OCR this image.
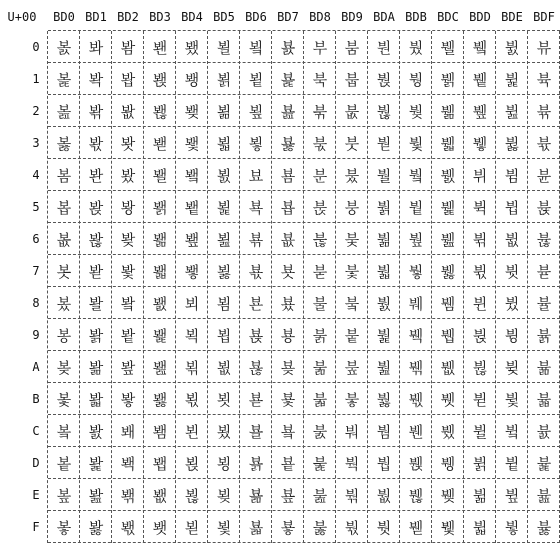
U+00	BD0 BD1 BD2 BD3 BD4 BD5 BD6 BD7 BD8 BD9 BDA BDB BDC BDD BDE BDF
0	봀	봐	봠	봰	뵀	뵐	뵠	뵰	부	붐	붠	붰	뷀	뷐	뷠	뷰
1	봁	봑	봡	봱	뵁	뵑	뵡	뵱	북	붑	붡	붱	뷁	뷑	뷡	뷱
2	봂	봒	봢	봲	뵂	뵒	뵢	뵲	붂	붒	붢	붲	뷂	뷒	뷢	뷲
3	봃	봓	봣	봳	뵃	뵓	뵣	뵳	붃	붓	붣	붳	뷃	뷓	뷣	뷳
4	봄	봔	봤	봴	뵄	뵔	뵤	뵴	분	붔	붤	붴	뷄	뷔	뷤	뷴
5	봅	봕	봥	봵	뵅	뵕	뵥	뵵	붅	붕	붥	붵	뷅	뷕	뷥	뷵
6	봆	봖	봦	봶	뵆	뵖	뵦	뵶	붆	붖	붦	붶	뷆	뷖	뷦	뷶
7	봇	봗	봧	봷	뵇	뵗	뵧	뵷	붇	붗	붧	붷	뷇	뷗	뷧	뷷
8	봈	봘	봨	봸	뵈	뵘	뵨	뵸	불	붘	붨	붸	뷈	뷘	뷨	뷸
9	봉	봙	봩	봹	뵉	뵙	뵩	뵹	붉	붙	붩	붹	뷉	뷙	뷩	뷹
A	봊	봚	봪	봺	뵊	뵚	뵪	뵺	붊	붚	붪	붺	뷊	뷚	뷪	뷺
B	봋	봛	봫	봻	뵋	뵛	뵫	뵻	붋	붛	붫	붻	뷋	뷛	뷫	뷻
C	봌	봜	봬	봼	뵌	뵜	뵬	뵼	붌	붜	붬	붼	뷌	뷜	뷬	뷼
D	봍	봝	봭	봽	뵍	뵝	뵭	뵽	붍	붝	붭	붽	뷍	뷝	뷭	뷽
E	봎	봞	봮	봾	뵎	뵞	뵮	뵾	붎	붞	붮	붾	뷎	뷞	뷮	뷾
F	봏	봟	봯	봿	뵏	뵟	뵯	뵿	붏	붟	붯	붿	뷏	뷟	뷯	뷿
